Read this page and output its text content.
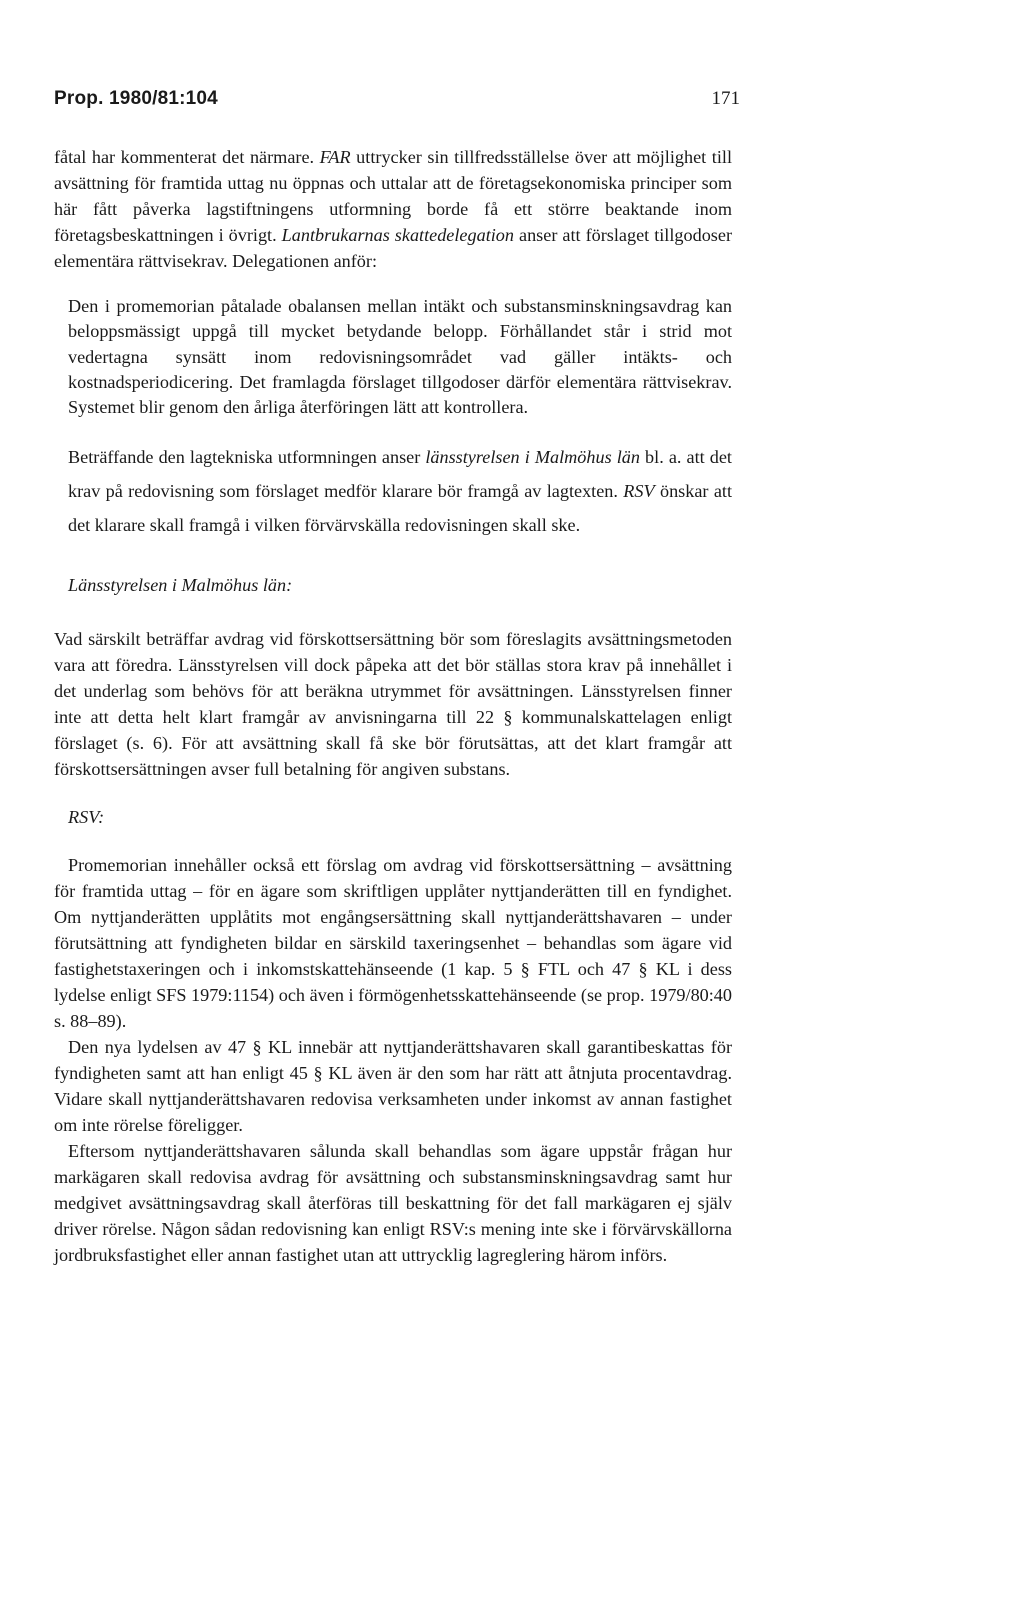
Prop. 1980/81:104	171

fåtal har kommenterat det närmare. FAR uttrycker sin tillfredsställelse över att möjlighet till avsättning för framtida uttag nu öppnas och uttalar att de företagsekonomiska principer som här fått påverka lagstiftningens utformning borde få ett större beaktande inom företagsbeskattningen i övrigt. Lantbrukarnas skattedelegation anser att förslaget tillgodoser elementära rättvisekrav. Delegationen anför:

Den i promemorian påtalade obalansen mellan intäkt och substansminskningsavdrag kan beloppsmässigt uppgå till mycket betydande belopp. Förhållandet står i strid mot vedertagna synsätt inom redovisningsområdet vad gäller intäkts- och kostnadsperiodicering. Det framlagda förslaget tillgodoser därför elementära rättvisekrav. Systemet blir genom den årliga återföringen lätt att kontrollera.

Beträffande den lagtekniska utformningen anser länsstyrelsen i Malmöhus län bl. a. att det krav på redovisning som förslaget medför klarare bör framgå av lagtexten. RSV önskar att det klarare skall framgå i vilken förvärvskälla redovisningen skall ske.

Länsstyrelsen i Malmöhus län:

Vad särskilt beträffar avdrag vid förskottsersättning bör som föreslagits avsättningsmetoden vara att föredra. Länsstyrelsen vill dock påpeka att det bör ställas stora krav på innehållet i det underlag som behövs för att beräkna utrymmet för avsättningen. Länsstyrelsen finner inte att detta helt klart framgår av anvisningarna till 22 § kommunalskattelagen enligt förslaget (s. 6). För att avsättning skall få ske bör förutsättas, att det klart framgår att förskottsersättningen avser full betalning för angiven substans.

RSV:

Promemorian innehåller också ett förslag om avdrag vid förskottsersättning – avsättning för framtida uttag – för en ägare som skriftligen upplåter nyttjanderätten till en fyndighet. Om nyttjanderätten upplåtits mot engångsersättning skall nyttjanderättshavaren – under förutsättning att fyndigheten bildar en särskild taxeringsenhet – behandlas som ägare vid fastighetstaxeringen och i inkomstskattehänseende (1 kap. 5 § FTL och 47 § KL i dess lydelse enligt SFS 1979:1154) och även i förmögenhetsskattehänseende (se prop. 1979/80:40 s. 88–89).

Den nya lydelsen av 47 § KL innebär att nyttjanderättshavaren skall garantibeskattas för fyndigheten samt att han enligt 45 § KL även är den som har rätt att åtnjuta procentavdrag. Vidare skall nyttjanderättshavaren redovisa verksamheten under inkomst av annan fastighet om inte rörelse föreligger.

Eftersom nyttjanderättshavaren sålunda skall behandlas som ägare uppstår frågan hur markägaren skall redovisa avdrag för avsättning och substansminskningsavdrag samt hur medgivet avsättningsavdrag skall återföras till beskattning för det fall markägaren ej själv driver rörelse. Någon sådan redovisning kan enligt RSV:s mening inte ske i förvärvskällorna jordbruksfastighet eller annan fastighet utan att uttrycklig lagreglering härom införs.
